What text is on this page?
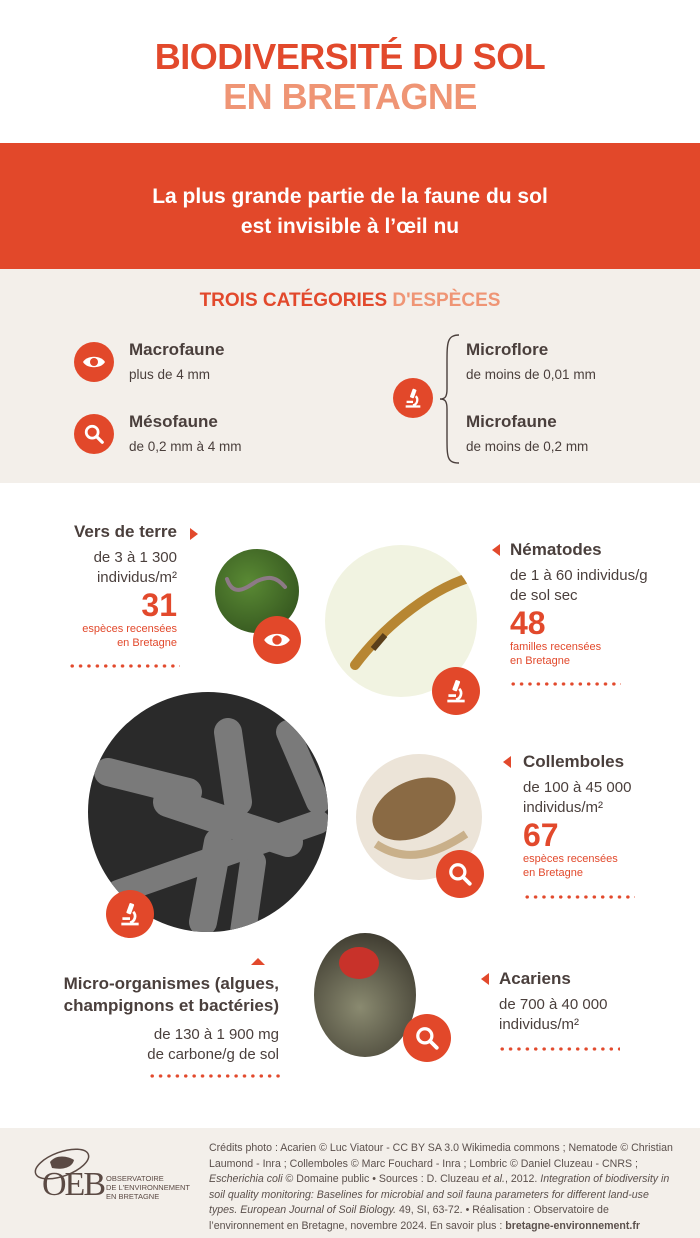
BIODIVERSITÉ DU SOL
EN BRETAGNE
La plus grande partie de la faune du sol
est invisible à l’œil nu
TROIS CATÉGORIES D'ESPÈCES
Macrofaune
plus de 4 mm
Mésofaune
de 0,2 mm à 4 mm
Microflore
de moins de 0,01 mm
Microfaune
de moins de 0,2 mm
Vers de terre
de 3 à 1 300
individus/m²
31
espèces recensées
en Bretagne
Nématodes
de 1 à 60 individus/g
de sol sec
48
familles recensées
en Bretagne
Collemboles
de 100 à 45 000
individus/m²
67
espèces recensées
en Bretagne
Micro-organismes (algues,
champignons et bactéries)
de 130 à 1 900 mg
de carbone/g de sol
Acariens
de 700 à 40 000
individus/m²
OEB OBSERVATOIRE
DE L'ENVIRONNEMENT
EN BRETAGNE
Crédits photo : Acarien © Luc Viatour - CC BY SA 3.0 Wikimedia commons ; Nematode © Christian Laumond - Inra ; Collemboles © Marc Fouchard - Inra ; Lombric © Daniel Cluzeau - CNRS ; Escherichia coli © Domaine public • Sources : D. Cluzeau et al., 2012. Integration of biodiversity in soil quality monitoring: Baselines for microbial and soil fauna parameters for different land-use types. European Journal of Soil Biology. 49, SI, 63-72. • Réalisation : Observatoire de l’environnement en Bretagne, novembre 2024. En savoir plus : bretagne-environnement.fr
